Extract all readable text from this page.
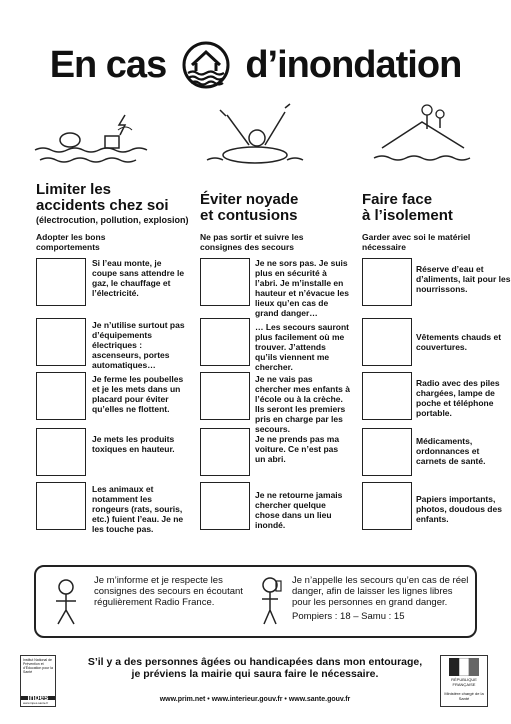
En cas d’inondation
Limiter les
accidents chez soi
(électrocution, pollution, explosion)
Adopter les bons comportements
Éviter noyade
et contusions
Ne pas sortir et suivre les consignes des secours
Faire face
à l’isolement
Garder avec soi le matériel nécessaire
Si l’eau monte, je coupe sans attendre le gaz, le chauffage et l’électricité.
Je n’utilise surtout pas d’équipements électriques : ascenseurs, portes automatiques…
Je ferme les poubelles et je les mets dans un placard pour éviter qu’elles ne flottent.
Je mets les produits toxiques en hauteur.
Les animaux et notamment les rongeurs (rats, souris, etc.) fuient l’eau. Je ne les touche pas.
Je ne sors pas. Je suis plus en sécurité à l’abri. Je m’installe en hauteur et n’évacue les lieux qu’en cas de grand danger…
… Les secours sauront plus facilement où me trouver. J’attends qu’ils viennent me chercher.
Je ne vais pas chercher mes enfants à l’école ou à la crèche. Ils seront les premiers pris en charge par les secours.
Je ne prends pas ma voiture. Ce n’est pas un abri.
Je ne retourne jamais chercher quelque chose dans un lieu inondé.
Réserve d’eau et d’aliments, lait pour les nourrissons.
Vêtements chauds et couvertures.
Radio avec des piles chargées, lampe de poche et téléphone portable.
Médicaments, ordonnances et carnets de santé.
Papiers importants, photos, doudous des enfants.
Je m’informe et je respecte les consignes des secours en écoutant régulièrement Radio France.
Je n’appelle les secours qu’en cas de réel danger, afin de laisser les lignes libres pour les personnes en grand danger.
Pompiers : 18 – Samu : 15
Institut National de Prévention et d’Éducation pour la Santé
inpes
www.inpes.sante.fr
S’il y a des personnes âgées ou handicapées dans mon entourage,
je préviens la mairie qui saura faire le nécessaire.
www.prim.net • www.interieur.gouv.fr • www.sante.gouv.fr
RÉPUBLIQUE FRANÇAISE
Ministère chargé de la Santé
